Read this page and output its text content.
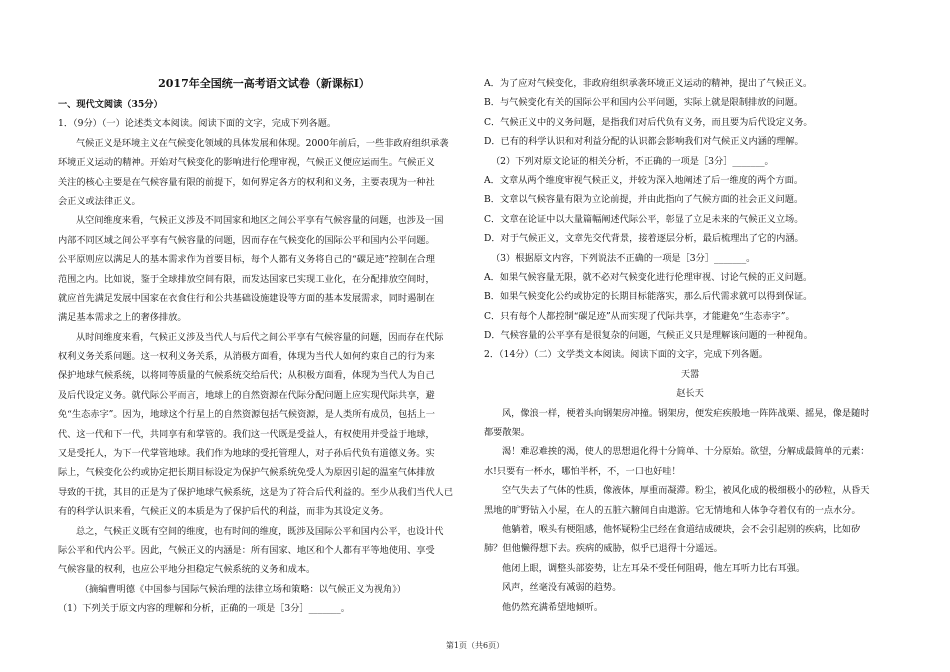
2017年全国统一高考语文试卷（新课标Ⅰ）
一、现代文阅读（35分）
1．（9分）（一）论述类文本阅读。阅读下面的文字，完成下列各题。
气候正义是环境主义在气候变化领域的具体发展和体现。2000年前后，一些非政府组织承袭
环境正义运动的精神。开始对气候变化的影响进行伦理审视，气候正义便应运而生。气候正义
关注的核心主要是在气候容量有限的前提下，如何界定各方的权利和义务，主要表现为一种社
会正义或法律正义。
从空间维度来看，气候正义涉及不同国家和地区之间公平享有气候容量的问题，也涉及一国
内部不同区域之间公平享有气候容量的问题，因而存在气候变化的国际公平和国内公平问题。
公平原则应以满足人的基本需求作为首要目标，每个人都有义务将自己的“碳足迹”控制在合理
范围之内。比如说，鉴于全球排放空间有限，而发达国家已实现工业化，在分配排放空间时，
就应首先满足发展中国家在衣食住行和公共基础设施建设等方面的基本发展需求，同时遏制在
满足基本需求之上的奢侈排放。
从时间维度来看，气候正义涉及当代人与后代之间公平享有气候容量的问题，因而存在代际
权利义务关系问题。这一权利义务关系，从消极方面看，体现为当代人如何约束自己的行为来
保护地球气候系统，以将同等质量的气候系统交给后代；从积极方面看，体现为当代人为自己
及后代设定义务。就代际公平而言，地球上的自然资源在代际分配问题上应实现代际共享，避
免“生态赤字”。因为，地球这个行星上的自然资源包括气候资源，是人类所有成员，包括上一
代、这一代和下一代，共同享有和掌管的。我们这一代既是受益人，有权使用并受益于地球，
又是受托人，为下一代掌管地球。我们作为地球的受托管理人，对子孙后代负有道德义务。实
际上，气候变化公约或协定把长期目标设定为保护气候系统免受人为原因引起的温室气体排放
导致的干扰，其目的正是为了保护地球气候系统，这是为了符合后代利益的。至少从我们当代人已
有的科学认识来看，气候正义的本质是为了保护后代的利益，而非为其设定义务。
总之，气候正义既有空间的维度，也有时间的维度，既涉及国际公平和国内公平，也设计代
际公平和代内公平。因此，气候正义的内涵是：所有国家、地区和个人都有平等地使用、享受
气候容量的权利，也应公平地分担稳定气候系统的义务和成本。
（摘编曹明德《中国参与国际气候治理的法律立场和策略：以气候正义为视角》）
（1）下列关于原文内容的理解和分析，正确的一项是［3分］_______。
A．为了应对气候变化，非政府组织承袭环境正义运动的精神，提出了气候正义。
B．与气候变化有关的国际公平和国内公平问题，实际上就是限制排放的问题。
C．气候正义中的义务问题，是指我们对后代负有义务，而且要为后代设定义务。
D．已有的科学认识和对利益分配的认识都会影响我们对气候正义内涵的理解。
（2）下列对原文论证的相关分析，不正确的一项是［3分］_______。
A．文章从两个维度审视气候正义，并较为深入地阐述了后一维度的两个方面。
B．文章以气候容量有限为立论前提，并由此指向了气候方面的社会正义问题。
C．文章在论证中以大量篇幅阐述代际公平，彰显了立足未来的气候正义立场。
D．对于气候正义，文章先交代背景，接着逐层分析，最后梳理出了它的内涵。
（3）根据原文内容，下列说法不正确的一项是［3分］_______。
A．如果气候容量无限，就不必对气候变化进行伦理审视、讨论气候的正义问题。
B．如果气候变化公约或协定的长期目标能落实，那么后代需求就可以得到保证。
C．只有每个人都控制“碳足迹”从而实现了代际共享，才能避免“生态赤字”。
D．气候容量的公平享有是很复杂的问题，气候正义只是理解该问题的一种视角。
2．（14分）（二）文学类文本阅读。阅读下面的文字，完成下列各题。
天嚣
赵长天
风，像浪一样，梗着头向钢架房冲撞。钢架房，便发疟疾般地一阵阵战栗、摇晃，像是随时
都要散架。
渴！难忍难挨的渴，使人的思想退化得十分简单、十分原始。欲望，分解成最简单的元素：
水!只要有一杯水，哪怕半杯，不，一口也好哇！
空气失去了气体的性质，像液体，厚重而凝滞。粉尘，被风化成的极细极小的砂粒，从昏天
黑地的旷野钻入小屋，在人的五脏六腑间自由遨游。它无情地和人体争夺着仅有的一点水分。
他躺着，喉头有梗阻感，他怀疑粉尘已经在食道结成硬块，会不会引起别的疾病，比如矽
肺？但他懒得想下去。疾病的威胁，似乎已退得十分遥远。
他闭上眼，调整头部姿势，让左耳朵不受任何阻碍，他左耳听力比右耳强。
风声，丝毫没有减弱的趋势。
他仍然充满希望地倾听。
第1页（共6页）
